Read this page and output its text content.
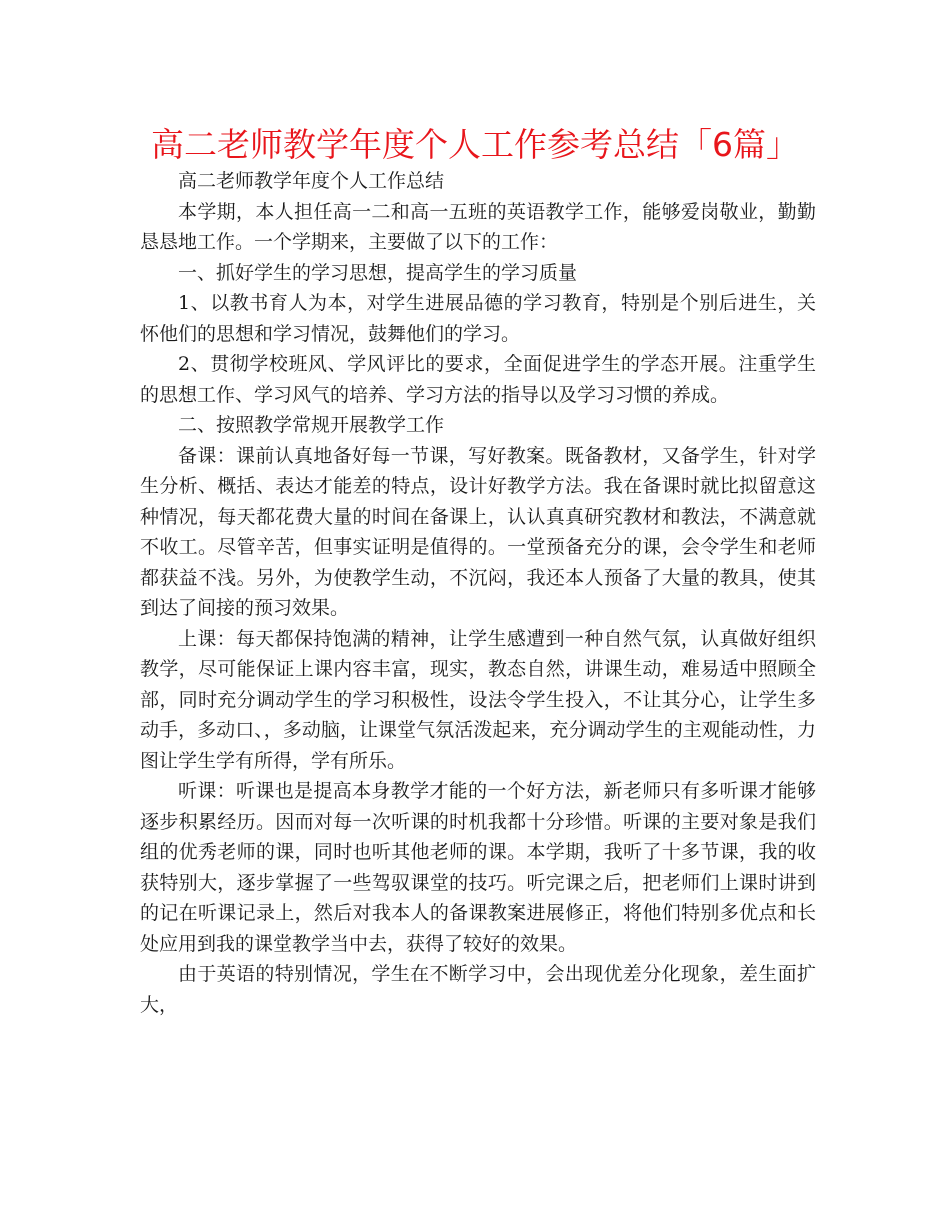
高二老师教学年度个人工作参考总结「6篇」

高二老师教学年度个人工作总结

本学期，本人担任高一二和高一五班的英语教学工作，能够爱岗敬业，勤勤恳恳地工作。一个学期来，主要做了以下的工作：

一、抓好学生的学习思想，提高学生的学习质量

1、以教书育人为本，对学生进展品德的学习教育，特别是个别后进生，关怀他们的思想和学习情况，鼓舞他们的学习。

2、贯彻学校班风、学风评比的要求，全面促进学生的学态开展。注重学生的思想工作、学习风气的培养、学习方法的指导以及学习习惯的养成。

二、按照教学常规开展教学工作

备课：课前认真地备好每一节课，写好教案。既备教材，又备学生，针对学生分析、概括、表达才能差的特点，设计好教学方法。我在备课时就比拟留意这种情况，每天都花费大量的时间在备课上，认认真真研究教材和教法，不满意就不收工。尽管辛苦，但事实证明是值得的。一堂预备充分的课，会令学生和老师都获益不浅。另外，为使教学生动，不沉闷，我还本人预备了大量的教具，使其到达了间接的预习效果。

上课：每天都保持饱满的精神，让学生感遭到一种自然气氛，认真做好组织教学，尽可能保证上课内容丰富，现实，教态自然，讲课生动，难易适中照顾全部，同时充分调动学生的学习积极性，设法令学生投入，不让其分心，让学生多动手，多动口、，多动脑，让课堂气氛活泼起来，充分调动学生的主观能动性，力图让学生学有所得，学有所乐。

听课：听课也是提高本身教学才能的一个好方法，新老师只有多听课才能够逐步积累经历。因而对每一次听课的时机我都十分珍惜。听课的主要对象是我们组的优秀老师的课，同时也听其他老师的课。本学期，我听了十多节课，我的收获特别大，逐步掌握了一些驾驭课堂的技巧。听完课之后，把老师们上课时讲到的记在听课记录上，然后对我本人的备课教案进展修正，将他们特别多优点和长处应用到我的课堂教学当中去，获得了较好的效果。

由于英语的特别情况，学生在不断学习中，会出现优差分化现象，差生面扩大，
